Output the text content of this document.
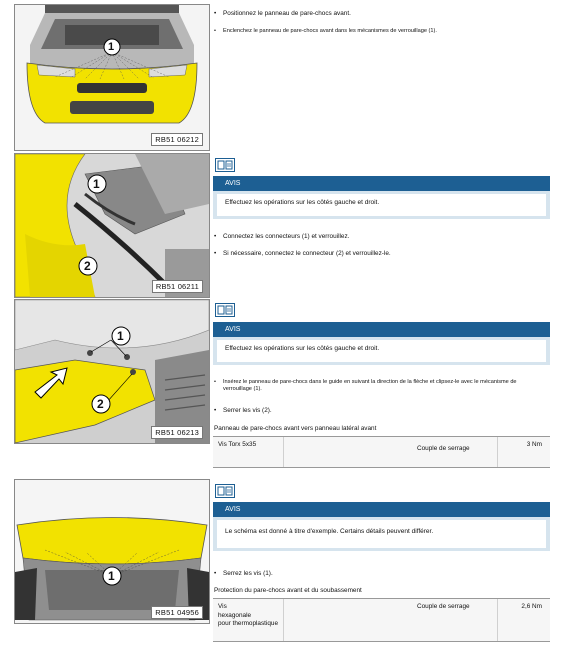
1
RB51 06212
• Positionnez le panneau de pare-chocs avant.
• Enclenchez le panneau de pare-chocs avant dans les mécanismes de verrouillage (1).
1
2
RB51 06211
AVIS
Effectuez les opérations sur les côtés gauche et droit.
• Connectez les connecteurs (1) et verrouillez.
• Si nécessaire, connectez le connecteur (2) et verrouillez-le.
1
2
RB51 06213
AVIS
Effectuez les opérations sur les côtés gauche et droit.
• Insérez le panneau de pare-chocs dans le guide en suivant la direction de la flèche et clipsez-le avec le mécanisme de verrouillage (1).
• Serrer les vis (2).
Panneau de pare-chocs avant vers panneau latéral avant
Vis Torx 5x35
Couple de serrage
3 Nm
1
RB51 04956
AVIS
Le schéma est donné à titre d'exemple. Certains détails peuvent différer.
• Serrez les vis (1).
Protection du pare-chocs avant et du soubassement
Vis
hexagonale
pour thermoplastique
Couple de serrage	2,6 Nm
